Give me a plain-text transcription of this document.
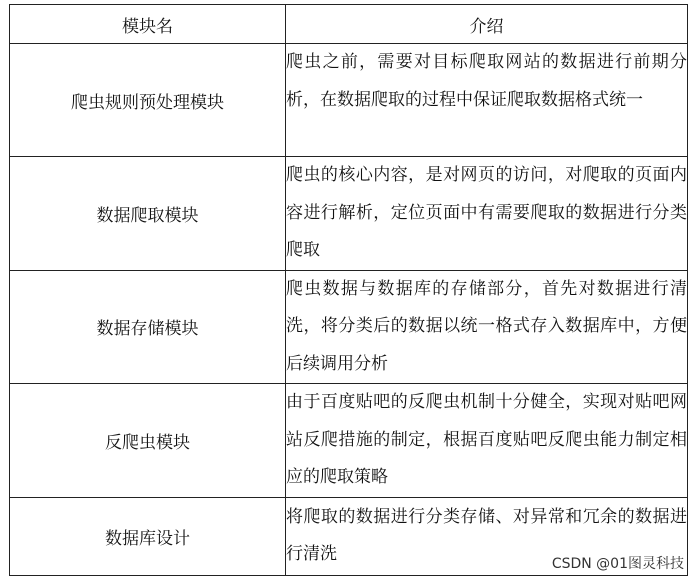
模块名	介绍
爬虫规则预处理模块	爬虫之前，需要对目标爬取网站的数据进行前期分析，在数据爬取的过程中保证爬取数据格式统一
数据爬取模块	爬虫的核心内容，是对网页的访问，对爬取的页面内容进行解析，定位页面中有需要爬取的数据进行分类爬取
数据存储模块	爬虫数据与数据库的存储部分，首先对数据进行清洗，将分类后的数据以统一格式存入数据库中，方便后续调用分析
反爬虫模块	由于百度贴吧的反爬虫机制十分健全，实现对贴吧网站反爬措施的制定，根据百度贴吧反爬虫能力制定相应的爬取策略
数据库设计	将爬取的数据进行分类存储、对异常和冗余的数据进行清洗
CSDN @01图灵科技
